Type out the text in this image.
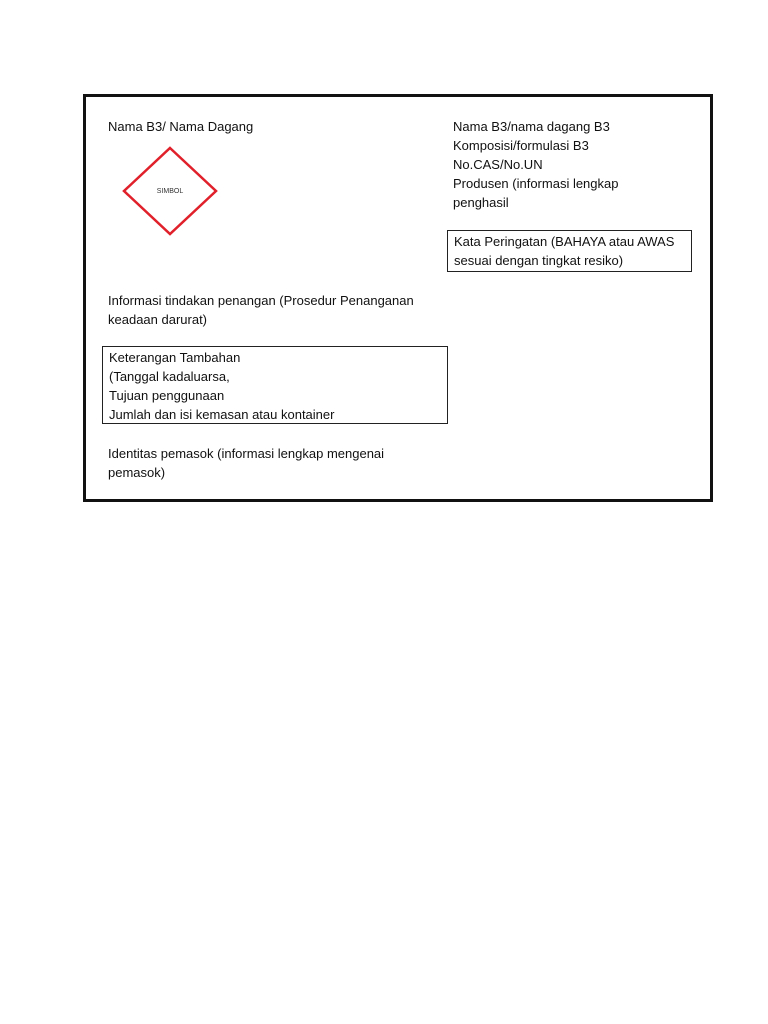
Nama B3/ Nama Dagang
SIMBOL
Nama B3/nama dagang B3
Komposisi/formulasi B3
No.CAS/No.UN
Produsen (informasi lengkap
penghasil
Kata Peringatan (BAHAYA atau AWAS
sesuai dengan tingkat resiko)
Informasi tindakan penangan (Prosedur Penanganan
keadaan darurat)
Keterangan Tambahan
(Tanggal kadaluarsa,
Tujuan penggunaan
Jumlah dan isi kemasan atau kontainer
Identitas pemasok (informasi lengkap mengenai
pemasok)
